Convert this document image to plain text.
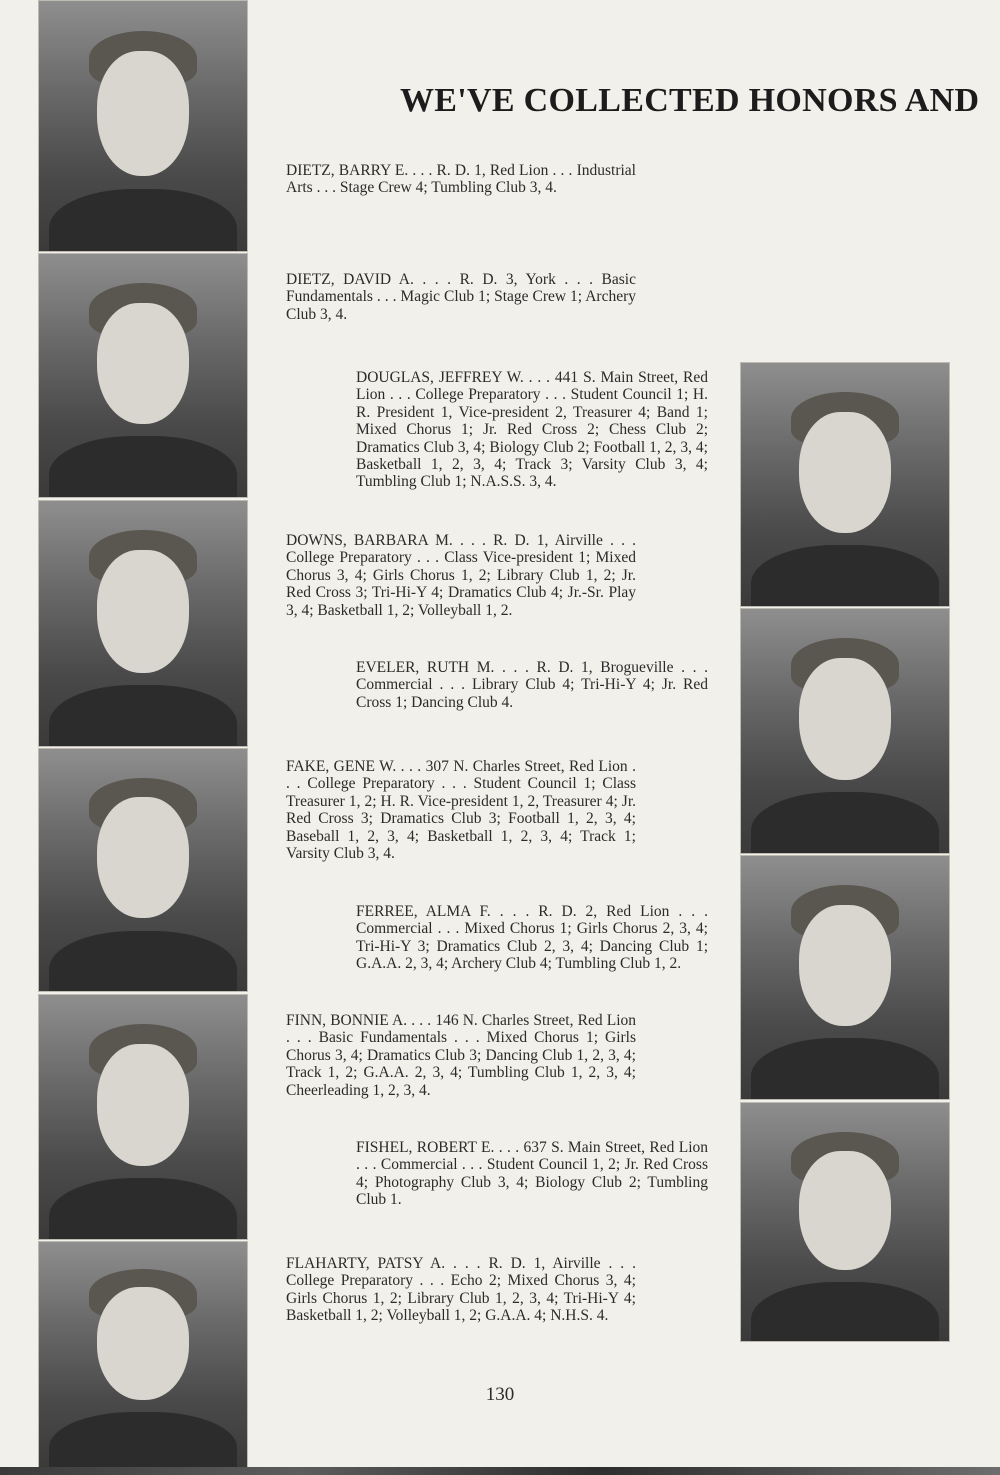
WE'VE COLLECTED HONORS AND
DIETZ, BARRY E. . . . R. D. 1, Red Lion . . . Industrial Arts . . . Stage Crew 4; Tumbling Club 3, 4.
DIETZ, DAVID A. . . . R. D. 3, York . . . Basic Fundamentals . . . Magic Club 1; Stage Crew 1; Archery Club 3, 4.
DOUGLAS, JEFFREY W. . . . 441 S. Main Street, Red Lion . . . College Preparatory . . . Student Council 1; H. R. President 1, Vice-president 2, Treasurer 4; Band 1; Mixed Chorus 1; Jr. Red Cross 2; Chess Club 2; Dramatics Club 3, 4; Biology Club 2; Football 1, 2, 3, 4; Basketball 1, 2, 3, 4; Track 3; Varsity Club 3, 4; Tumbling Club 1; N.A.S.S. 3, 4.
DOWNS, BARBARA M. . . . R. D. 1, Airville . . . College Preparatory . . . Class Vice-president 1; Mixed Chorus 3, 4; Girls Chorus 1, 2; Library Club 1, 2; Jr. Red Cross 3; Tri-Hi-Y 4; Dramatics Club 4; Jr.-Sr. Play 3, 4; Basketball 1, 2; Volleyball 1, 2.
EVELER, RUTH M. . . . R. D. 1, Brogueville . . . Commercial . . . Library Club 4; Tri-Hi-Y 4; Jr. Red Cross 1; Dancing Club 4.
FAKE, GENE W. . . . 307 N. Charles Street, Red Lion . . . College Preparatory . . . Student Council 1; Class Treasurer 1, 2; H. R. Vice-president 1, 2, Treasurer 4; Jr. Red Cross 3; Dramatics Club 3; Football 1, 2, 3, 4; Baseball 1, 2, 3, 4; Basketball 1, 2, 3, 4; Track 1; Varsity Club 3, 4.
FERREE, ALMA F. . . . R. D. 2, Red Lion . . . Commercial . . . Mixed Chorus 1; Girls Chorus 2, 3, 4; Tri-Hi-Y 3; Dramatics Club 2, 3, 4; Dancing Club 1; G.A.A. 2, 3, 4; Archery Club 4; Tumbling Club 1, 2.
FINN, BONNIE A. . . . 146 N. Charles Street, Red Lion . . . Basic Fundamentals . . . Mixed Chorus 1; Girls Chorus 3, 4; Dramatics Club 3; Dancing Club 1, 2, 3, 4; Track 1, 2; G.A.A. 2, 3, 4; Tumbling Club 1, 2, 3, 4; Cheerleading 1, 2, 3, 4.
FISHEL, ROBERT E. . . . 637 S. Main Street, Red Lion . . . Commercial . . . Student Council 1, 2; Jr. Red Cross 4; Photography Club 3, 4; Biology Club 2; Tumbling Club 1.
FLAHARTY, PATSY A. . . . R. D. 1, Airville . . . College Preparatory . . . Echo 2; Mixed Chorus 3, 4; Girls Chorus 1, 2; Library Club 1, 2, 3, 4; Tri-Hi-Y 4; Basketball 1, 2; Volleyball 1, 2; G.A.A. 4; N.H.S. 4.
130
